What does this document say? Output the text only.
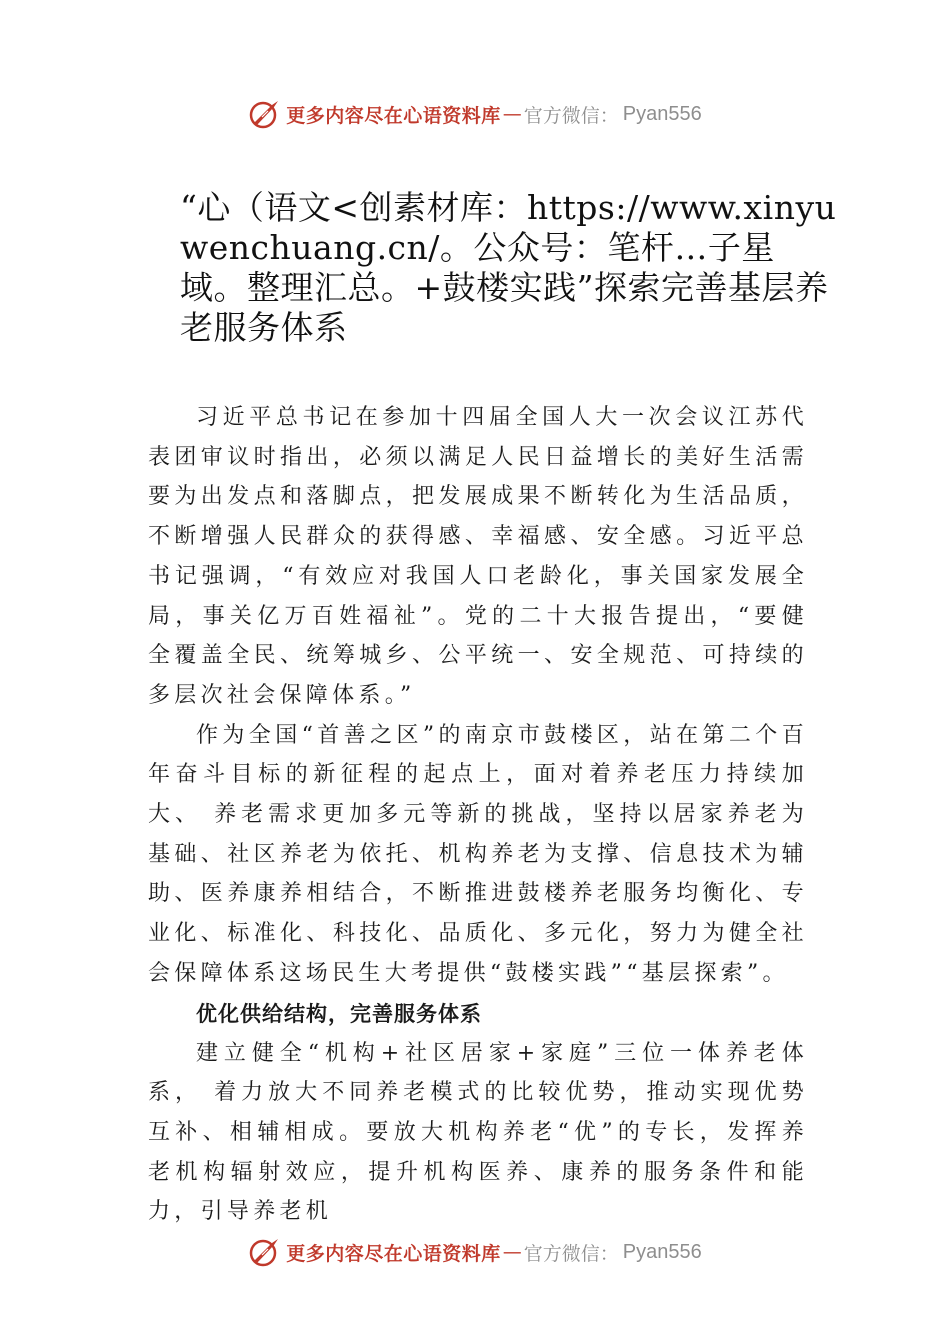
更多内容尽在心语资料库 — 官方微信： Pyan556
“心（语文<创素材库：https://www.xinyuwenchuang.cn/。公众号：笔杆…子星域。整理汇总。+鼓楼实践”探索完善基层养老服务体系

习近平总书记在参加十四届全国人大一次会议江苏代表团审议时指出，必须以满足人民日益增长的美好生活需要为出发点和落脚点，把发展成果不断转化为生活品质，不断增强人民群众的获得感、幸福感、安全感。习近平总书记强调，“有效应对我国人口老龄化，事关国家发展全局，事关亿万百姓福祉”。党的二十大报告提出，“要健全覆盖全民、统筹城乡、公平统一、安全规范、可持续的多层次社会保障体系。”

作为全国“首善之区”的南京市鼓楼区，站在第二个百年奋斗目标的新征程的起点上，面对着养老压力持续加大、 养老需求更加多元等新的挑战，坚持以居家养老为基础、社区养老为依托、机构养老为支撑、信息技术为辅助、医养康养相结合，不断推进鼓楼养老服务均衡化、专业化、标准化、科技化、品质化、多元化，努力为健全社会保障体系这场民生大考提供“鼓楼实践”“基层探索”。

优化供给结构，完善服务体系

建立健全“机构+社区居家+家庭”三位一体养老体系， 着力放大不同养老模式的比较优势，推动实现优势互补、相辅相成。要放大机构养老“优”的专长，发挥养老机构辐射效应，提升机构医养、康养的服务条件和能力，引导养老机

更多内容尽在心语资料库 — 官方微信： Pyan556
